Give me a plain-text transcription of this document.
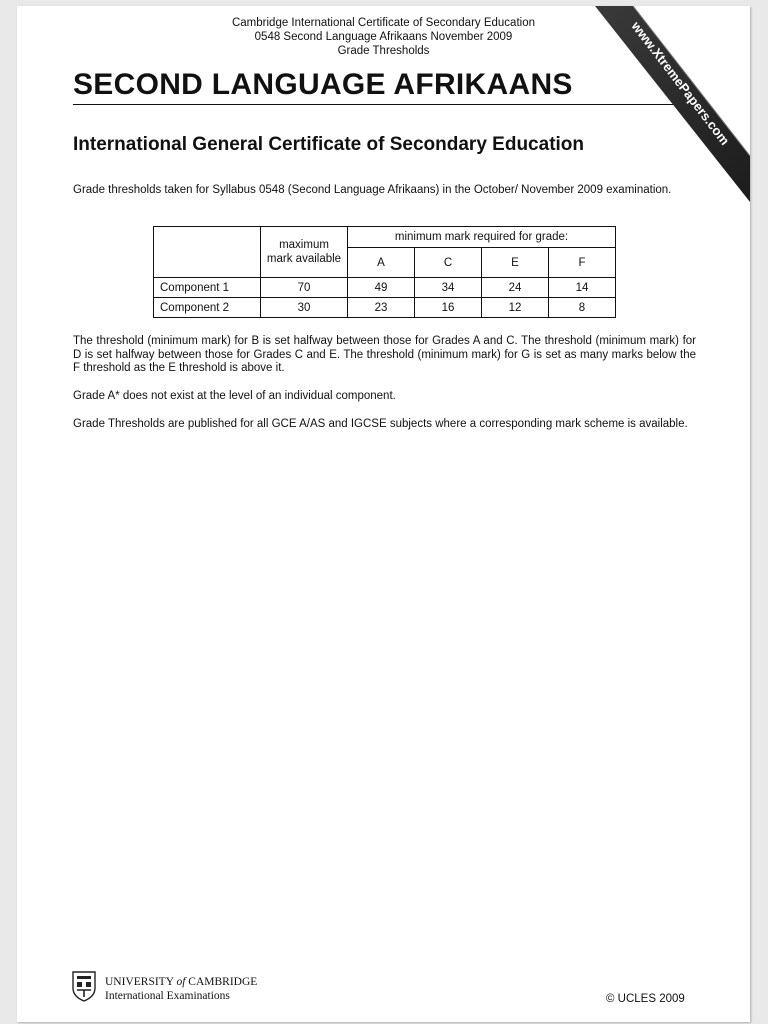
Cambridge International Certificate of Secondary Education
0548 Second Language Afrikaans November 2009
Grade Thresholds
SECOND LANGUAGE AFRIKAANS
International General Certificate of Secondary Education

Grade thresholds taken for Syllabus 0548 (Second Language Afrikaans) in the October/ November 2009 examination.

	maximum mark available	minimum mark required for grade:			
		A	C	E	F
Component 1	70	49	34	24	14
Component 2	30	23	16	12	8

The threshold (minimum mark) for B is set halfway between those for Grades A and C. The threshold (minimum mark) for D is set halfway between those for Grades C and E. The threshold (minimum mark) for G is set as many marks below the F threshold as the E threshold is above it.

Grade A* does not exist at the level of an individual component.

Grade Thresholds are published for all GCE A/AS and IGCSE subjects where a corresponding mark scheme is available.

www.XtremePapers.com
UNIVERSITY of CAMBRIDGE
International Examinations	© UCLES 2009
